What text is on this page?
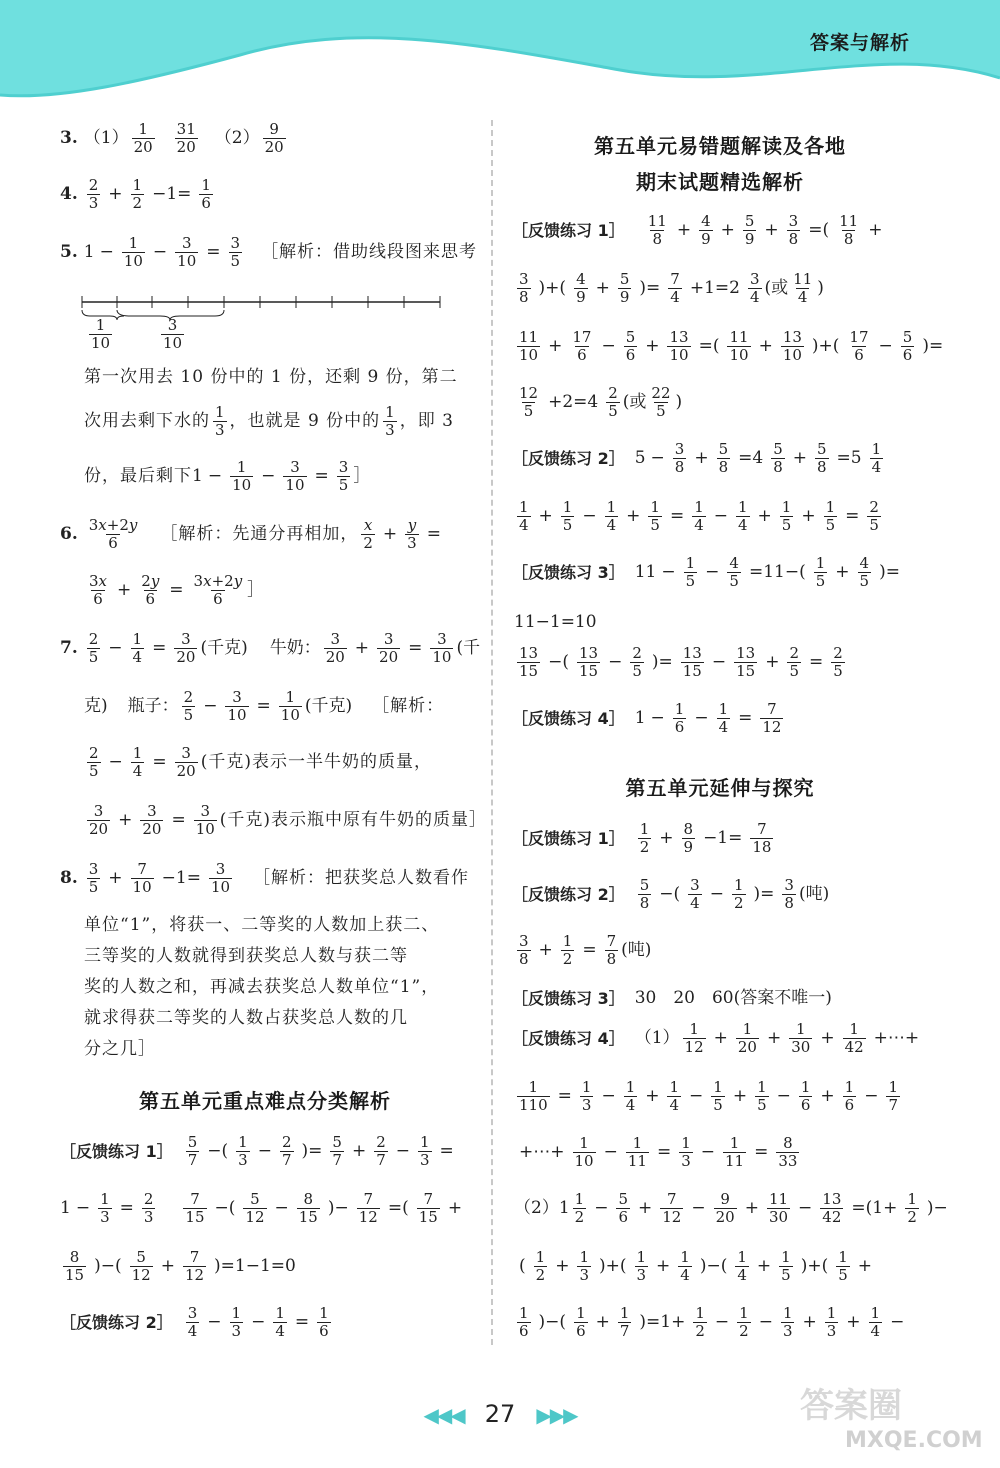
答案与解析
3. $(1) \frac{1}{20} \frac{31}{20} (2) \frac{9}{20}$
4. $\frac{2}{3} + \frac{1}{2} -1= \frac{1}{6}$
5. $1 - \frac{1}{10} - \frac{3}{10} = \frac{3}{5}$ ［解析：借助线段图来思考
$\frac{1}{10}$	$\frac{3}{10}$
第一次用去 10 份中的 1 份，还剩 9 份，第二
次用去剩下水的 $\frac{1}{3}$ ，也就是 9 份中的 $\frac{1}{3}$ ，即 3
份，最后剩下 $1 - \frac{1}{10} - \frac{3}{10} = \frac{3}{5}$ ］
6. $\frac{3x+2y}{6}$ ［解析：先通分再相加， $\frac{x}{2} + \frac{y}{3}$ =
$\frac{3x}{6} + \frac{2y}{6} = \frac{3x+2y}{6}$ ］
7. $\frac{2}{5} - \frac{1}{4} = \frac{3}{20}$ (千克) 牛奶： $\frac{3}{20} + \frac{3}{20} = \frac{3}{10}$ (千
克) 瓶子： $\frac{2}{5} - \frac{3}{10} = \frac{1}{10}$ (千克) ［解析：
$\frac{2}{5} - \frac{1}{4} = \frac{3}{20}$ (千克)表示一半牛奶的质量，
$\frac{3}{20} + \frac{3}{20} = \frac{3}{10}$ (千克)表示瓶中原有牛奶的质量］
8. $\frac{3}{5} + \frac{7}{10} -1= \frac{3}{10}$ ［解析：把获奖总人数看作
单位“1”，将获一、二等奖的人数加上获二、
三等奖的人数就得到获奖总人数与获二等
奖的人数之和，再减去获奖总人数单位“1”，
就求得获二等奖的人数占获奖总人数的几
分之几］
第五单元重点难点分类解析
［反馈练习 1］ $\frac{5}{7}$ −( $\frac{1}{3} - \frac{2}{7}$ )= $\frac{5}{7} + \frac{2}{7} - \frac{1}{3}$ =
$1 - \frac{1}{3} = \frac{2}{3} \frac{7}{15}$ −( $\frac{5}{12} - \frac{8}{15}$ )− $\frac{7}{12}$ =( $\frac{7}{15}$ +
$\frac{8}{15}$ )−( $\frac{5}{12} + \frac{7}{12} )=1-1=0$
［反馈练习 2］ $\frac{3}{4} - \frac{1}{3} - \frac{1}{4} = \frac{1}{6}$
第五单元易错题解读及各地
期末试题精选解析
［反馈练习 1］ $\frac{11}{8} + \frac{4}{9} + \frac{5}{9} + \frac{3}{8}$ =( $\frac{11}{8}$ +
$\frac{3}{8}$ )+( $\frac{4}{9} + \frac{5}{9}$ )= $\frac{7}{4} +1=2 \frac{3}{4}$ ( 或 $\frac{11}{4}$ )
$\frac{11}{10} + \frac{17}{6} - \frac{5}{6} + \frac{13}{10}$ =( $\frac{11}{10} + \frac{13}{10}$ )+( $\frac{17}{6} - \frac{5}{6}$ )=
$\frac{12}{5} +2=4 \frac{2}{5}$ ( 或 $\frac{22}{5}$ )
［反馈练习 2］ $5 - \frac{3}{8} + \frac{5}{8} =4 \frac{5}{8} + \frac{5}{8} =5 \frac{1}{4}$
$\frac{1}{4} + \frac{1}{5} - \frac{1}{4} + \frac{1}{5} = \frac{1}{4} - \frac{1}{4} + \frac{1}{5} + \frac{1}{5} = \frac{2}{5}$
［反馈练习 3］ $11 - \frac{1}{5} - \frac{4}{5} =11-( \frac{1}{5} + \frac{4}{5}$ )=
11−1=10
$\frac{13}{15}$ −( $\frac{13}{15} - \frac{2}{5}$ )= $\frac{13}{15} - \frac{13}{15} + \frac{2}{5} = \frac{2}{5}$
［反馈练习 4］ $1 - \frac{1}{6} - \frac{1}{4} = \frac{7}{12}$
第五单元延伸与探究
［反馈练习 1］ $\frac{1}{2} + \frac{8}{9} -1= \frac{7}{18}$
［反馈练习 2］ $\frac{5}{8}$ −( $\frac{3}{4} - \frac{1}{2}$ )= $\frac{3}{8}$ (吨)
$\frac{3}{8} + \frac{1}{2} = \frac{7}{8}$ (吨)
［反馈练习 3］ 30　20　60(答案不唯一)
［反馈练习 4］ $(1) \frac{1}{12} + \frac{1}{20} + \frac{1}{30} + \frac{1}{42}$ +⋯+
$\frac{1}{110} = \frac{1}{3} - \frac{1}{4} + \frac{1}{4} - \frac{1}{5} + \frac{1}{5} - \frac{1}{6} + \frac{1}{6} - \frac{1}{7}$
+⋯+ $\frac{1}{10} - \frac{1}{11} = \frac{1}{3} - \frac{1}{11} = \frac{8}{33}$
（2） $1 \frac{1}{2} - \frac{5}{6} + \frac{7}{12} - \frac{9}{20} + \frac{11}{30} - \frac{13}{42} =(1+ \frac{1}{2}$ )−
( $\frac{1}{2} + \frac{1}{3}$ )+( $\frac{1}{3} + \frac{1}{4}$ )−( $\frac{1}{4} + \frac{1}{5}$ )+( $\frac{1}{5}$ +
$\frac{1}{6}$ )−( $\frac{1}{6} + \frac{1}{7} )=1+ \frac{1}{2} - \frac{1}{2} - \frac{1}{3} + \frac{1}{3} + \frac{1}{4}$ −
◀◀◀ 27 ▶▶▶	答案圈
MXQE.COM
